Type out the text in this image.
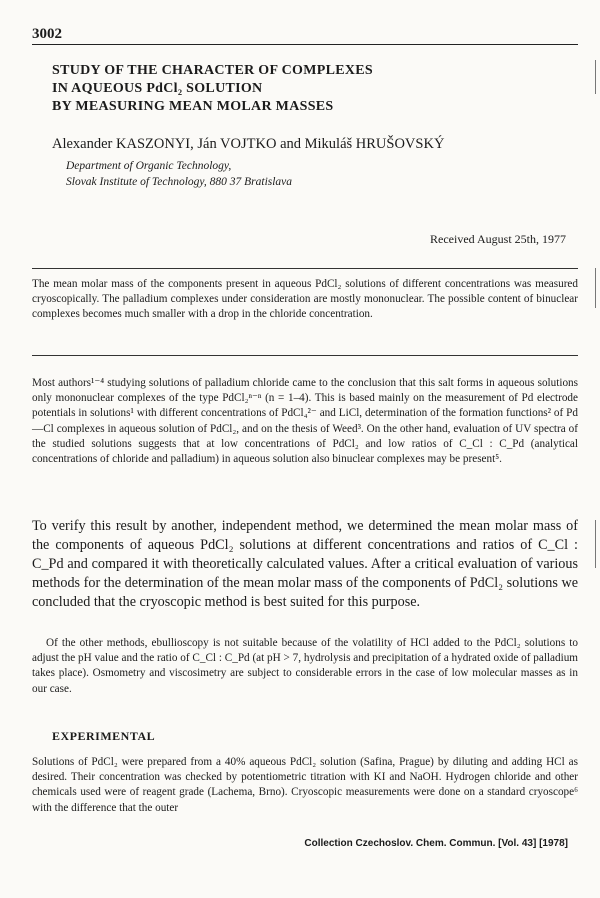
3002
STUDY OF THE CHARACTER OF COMPLEXES
IN AQUEOUS PdCl₂ SOLUTION
BY MEASURING MEAN MOLAR MASSES
Alexander KASZONYI, Ján VOJTKO and Mikuláš HRUŠOVSKÝ
Department of Organic Technology,
Slovak Institute of Technology, 880 37 Bratislava
Received August 25th, 1977
The mean molar mass of the components present in aqueous PdCl₂ solutions of different concentrations was measured cryoscopically. The palladium complexes under consideration are mostly mononuclear. The possible content of binuclear complexes becomes much smaller with a drop in the chloride concentration.
Most authors¹⁻⁴ studying solutions of palladium chloride came to the conclusion that this salt forms in aqueous solutions only mononuclear complexes of the type PdCl₂ⁿ⁻ⁿ (n = 1–4). This is based mainly on the measurement of Pd electrode potentials in solutions¹ with different concentrations of PdCl₄²⁻ and LiCl, determination of the formation functions² of Pd—Cl complexes in aqueous solution of PdCl₂, and on the thesis of Weed³. On the other hand, evaluation of UV spectra of the studied solutions suggests that at low concentrations of PdCl₂ and low ratios of C_Cl : C_Pd (analytical concentrations of chloride and palladium) in aqueous solution also binuclear complexes may be present⁵.
To verify this result by another, independent method, we determined the mean molar mass of the components of aqueous PdCl₂ solutions at different concentrations and ratios of C_Cl : C_Pd and compared it with theoretically calculated values. After a critical evaluation of various methods for the determination of the mean molar mass of the components of PdCl₂ solutions we concluded that the cryoscopic method is best suited for this purpose.
Of the other methods, ebullioscopy is not suitable because of the volatility of HCl added to the PdCl₂ solutions to adjust the pH value and the ratio of C_Cl : C_Pd (at pH > 7, hydrolysis and precipitation of a hydrated oxide of palladium takes place). Osmometry and viscosimetry are subject to considerable errors in the case of low molecular masses as in our case.
EXPERIMENTAL
Solutions of PdCl₂ were prepared from a 40% aqueous PdCl₂ solution (Safina, Prague) by diluting and adding HCl as desired. Their concentration was checked by potentiometric titration with KI and NaOH. Hydrogen chloride and other chemicals used were of reagent grade (Lachema, Brno). Cryoscopic measurements were done on a standard cryoscope⁶ with the difference that the outer
Collection Czechoslov. Chem. Commun. [Vol. 43] [1978]
